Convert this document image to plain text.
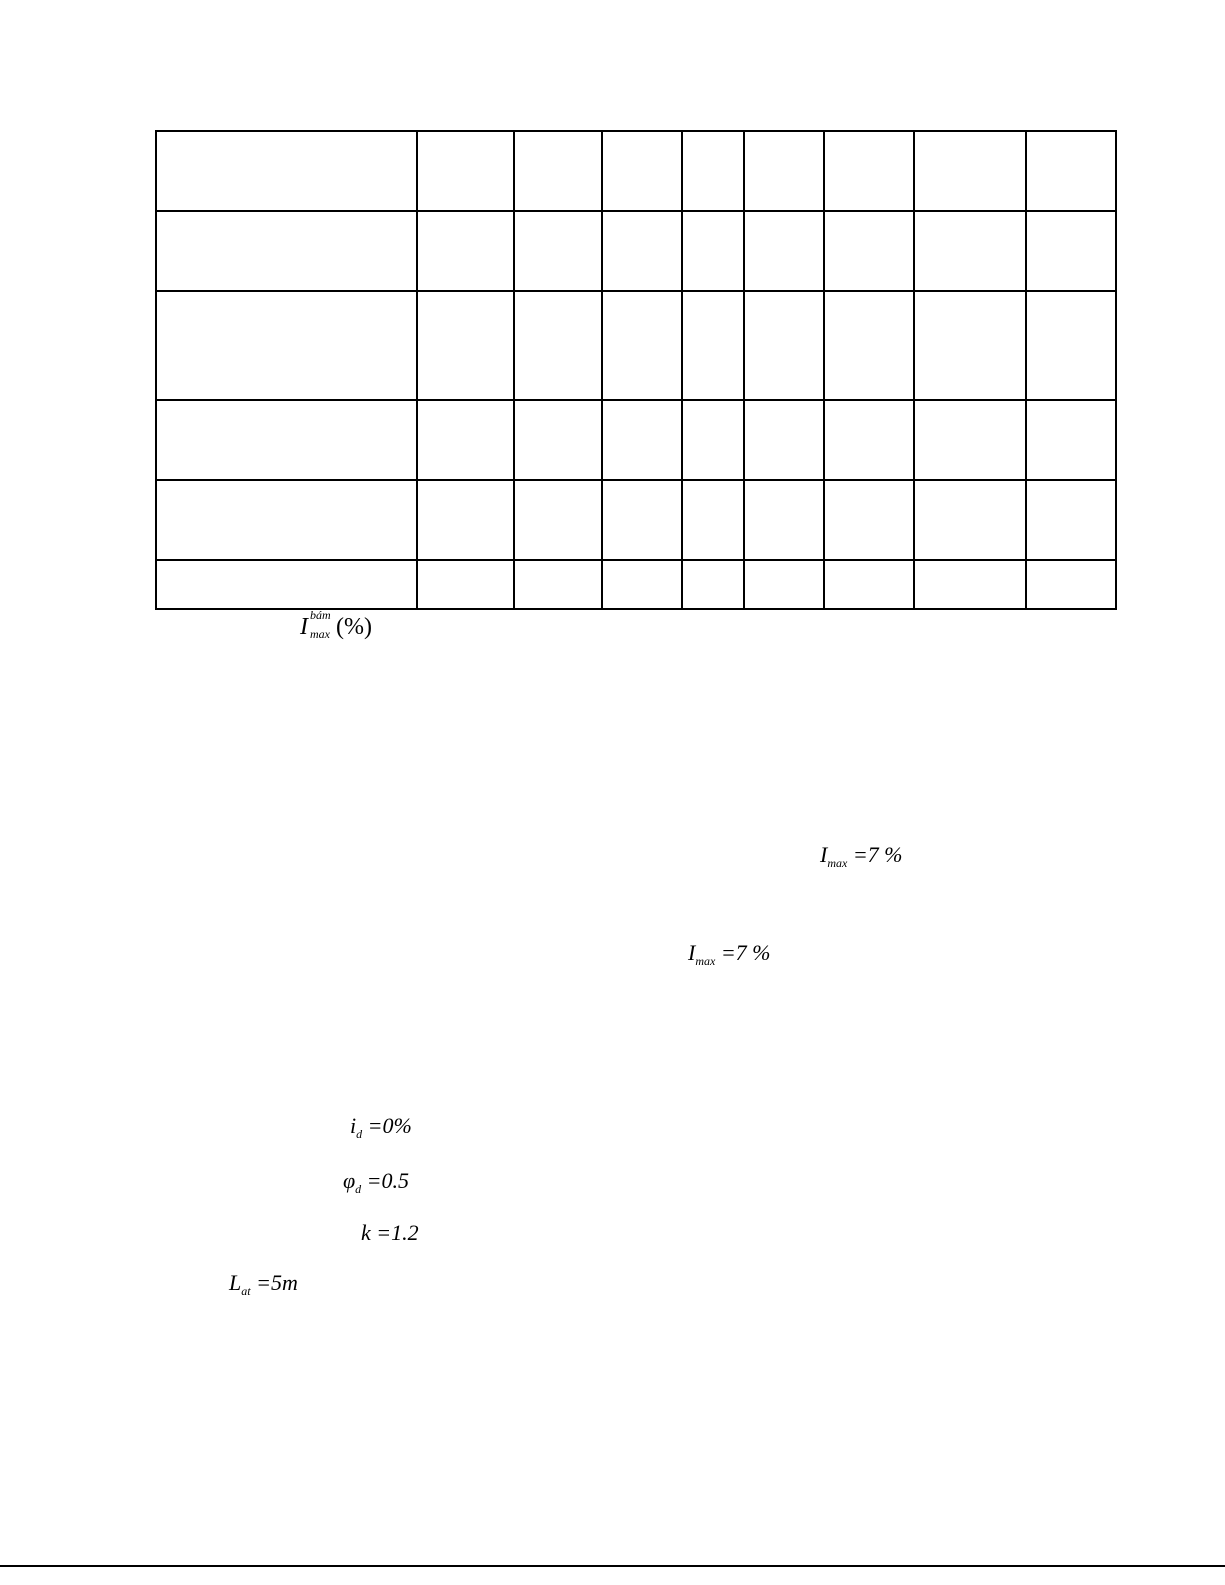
I bám
max (%)
$I_{max} =7$ %
$I_{max} =7$ %
$i_d =0\%$
$\varphi_d =0.5$
k =1.2
$L_{at} =5m$
